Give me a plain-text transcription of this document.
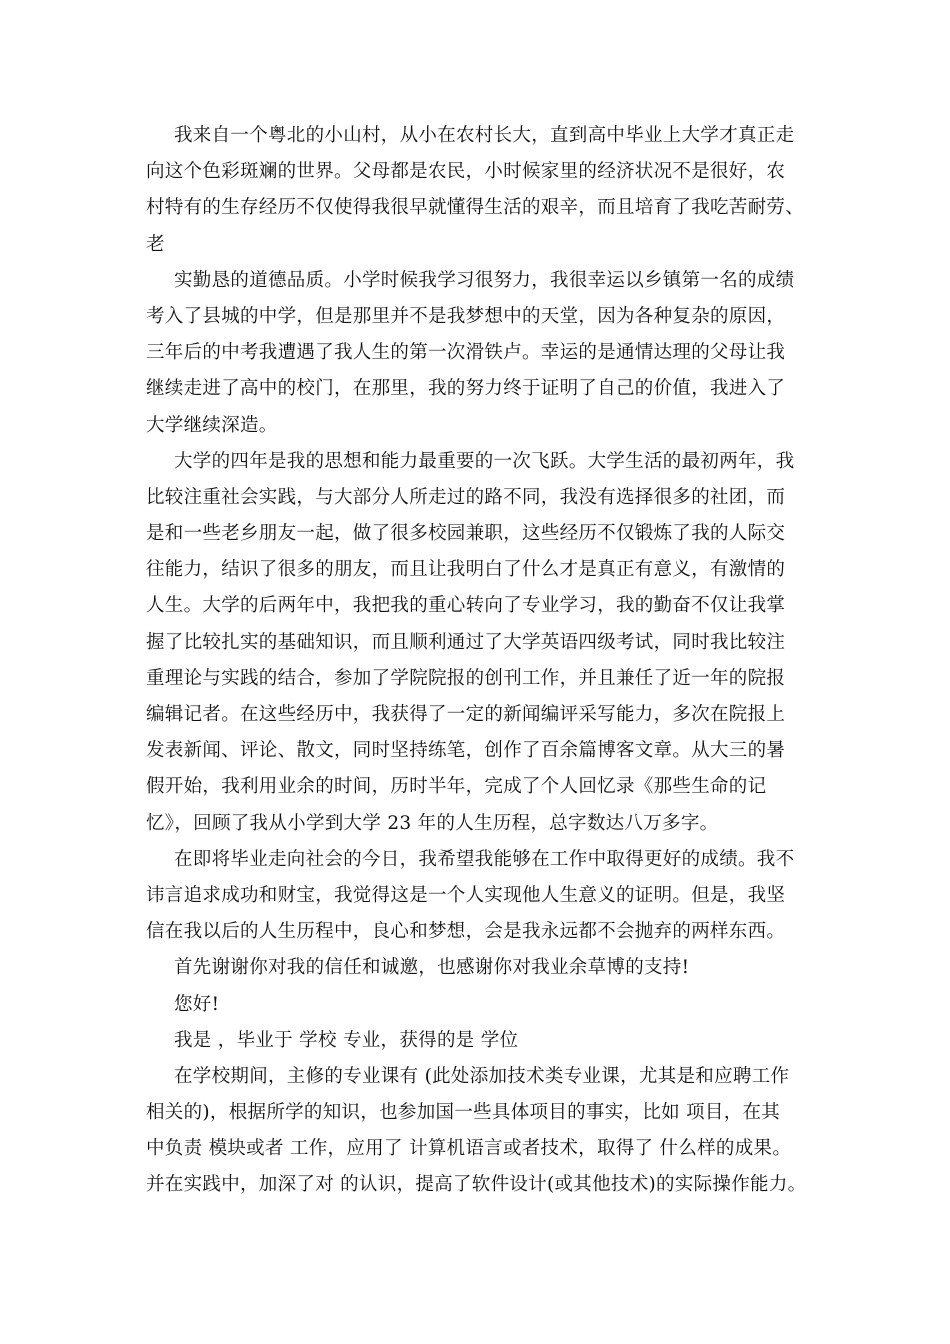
我来自一个粤北的小山村，从小在农村长大，直到高中毕业上大学才真正走
向这个色彩斑斓的世界。父母都是农民，小时候家里的经济状况不是很好，农
村特有的生存经历不仅使得我很早就懂得生活的艰辛，而且培育了我吃苦耐劳、
老
实勤恳的道德品质。小学时候我学习很努力，我很幸运以乡镇第一名的成绩
考入了县城的中学，但是那里并不是我梦想中的天堂，因为各种复杂的原因，
三年后的中考我遭遇了我人生的第一次滑铁卢。幸运的是通情达理的父母让我
继续走进了高中的校门，在那里，我的努力终于证明了自己的价值，我进入了
大学继续深造。
大学的四年是我的思想和能力最重要的一次飞跃。大学生活的最初两年，我
比较注重社会实践，与大部分人所走过的路不同，我没有选择很多的社团，而
是和一些老乡朋友一起，做了很多校园兼职，这些经历不仅锻炼了我的人际交
往能力，结识了很多的朋友，而且让我明白了什么才是真正有意义，有激情的
人生。大学的后两年中，我把我的重心转向了专业学习，我的勤奋不仅让我掌
握了比较扎实的基础知识，而且顺利通过了大学英语四级考试，同时我比较注
重理论与实践的结合，参加了学院院报的创刊工作，并且兼任了近一年的院报
编辑记者。在这些经历中，我获得了一定的新闻编评采写能力，多次在院报上
发表新闻、评论、散文，同时坚持练笔，创作了百余篇博客文章。从大三的暑
假开始，我利用业余的时间，历时半年，完成了个人回忆录《那些生命的记
忆》，回顾了我从小学到大学 23 年的人生历程，总字数达八万多字。
在即将毕业走向社会的今日，我希望我能够在工作中取得更好的成绩。我不
讳言追求成功和财宝，我觉得这是一个人实现他人生意义的证明。但是，我坚
信在我以后的人生历程中，良心和梦想，会是我永远都不会抛弃的两样东西。
首先谢谢你对我的信任和诚邀，也感谢你对我业余草博的支持!
您好!
我是 ，毕业于 学校 专业，获得的是 学位
在学校期间，主修的专业课有 (此处添加技术类专业课，尤其是和应聘工作
相关的)，根据所学的知识，也参加国一些具体项目的事实，比如 项目，在其
中负责 模块或者 工作，应用了 计算机语言或者技术，取得了 什么样的成果。
并在实践中，加深了对 的认识，提高了软件设计(或其他技术)的实际操作能力。
